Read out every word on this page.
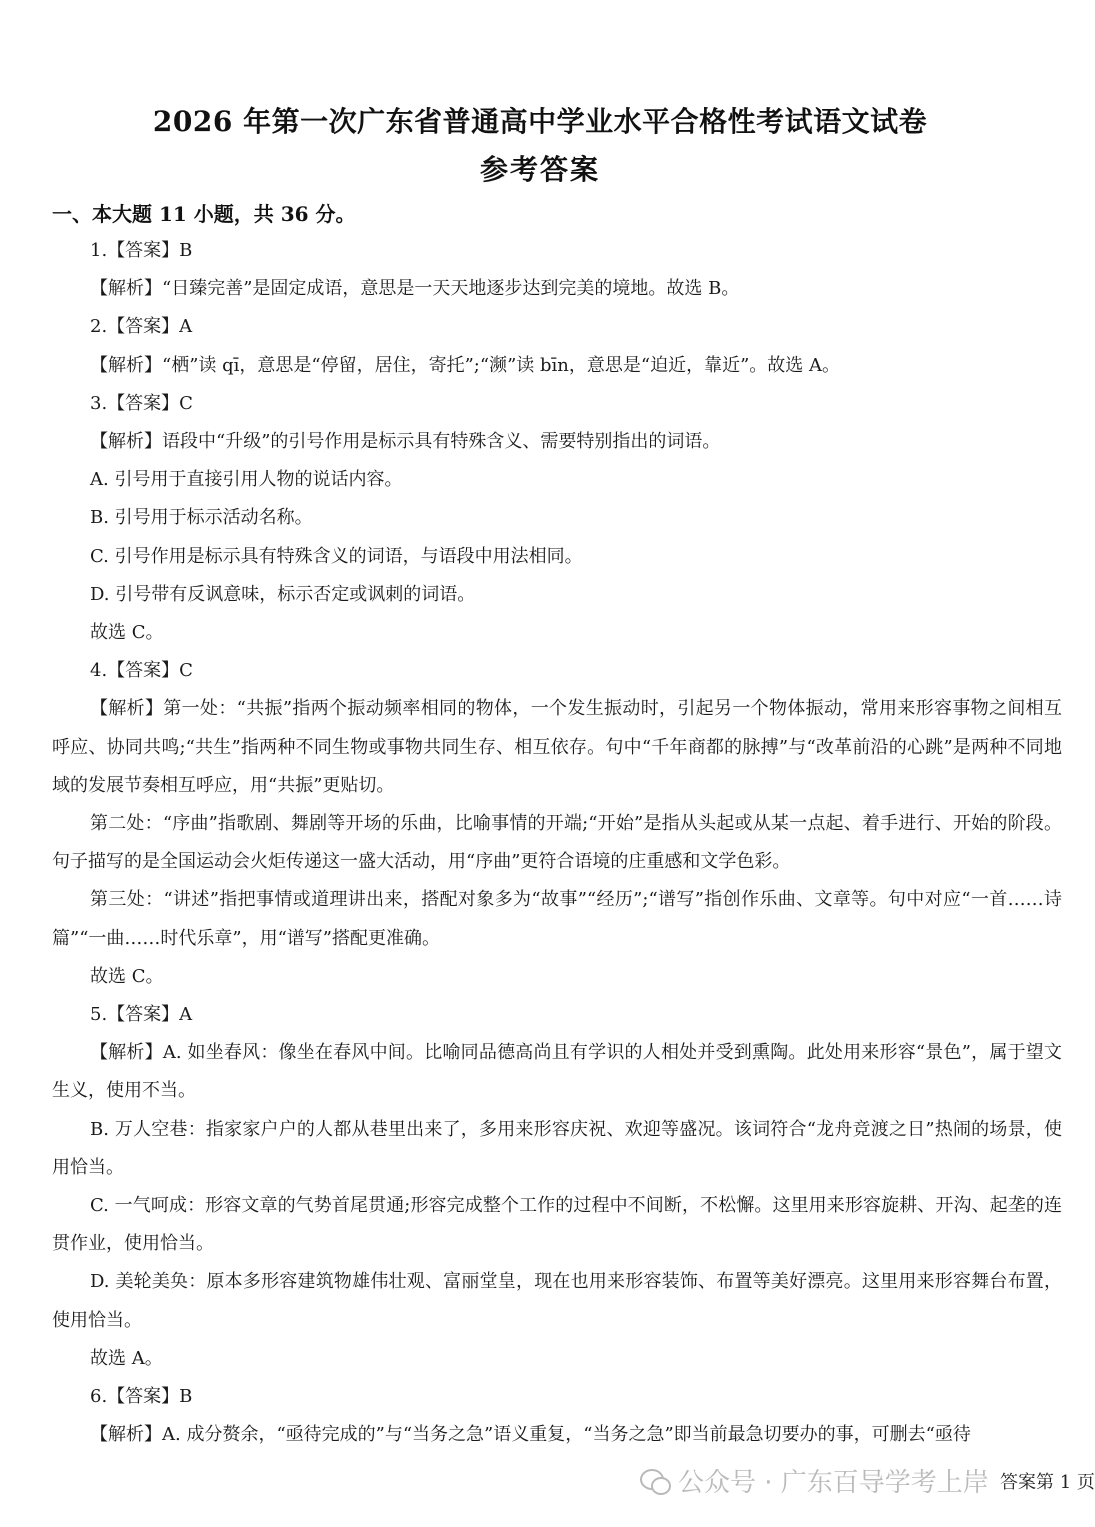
2026 年第一次广东省普通高中学业水平合格性考试语文试卷
参考答案
一、本大题 11 小题，共 36 分。

1.【答案】B

【解析】“日臻完善”是固定成语，意思是一天天地逐步达到完美的境地。故选 B。

2.【答案】A

【解析】“栖”读 qī，意思是“停留，居住，寄托”;“濒”读 bīn，意思是“迫近，靠近”。故选 A。

3.【答案】C

【解析】语段中“升级”的引号作用是标示具有特殊含义、需要特别指出的词语。

A. 引号用于直接引用人物的说话内容。

B. 引号用于标示活动名称。

C. 引号作用是标示具有特殊含义的词语，与语段中用法相同。

D. 引号带有反讽意味，标示否定或讽刺的词语。

故选 C。

4.【答案】C

【解析】第一处：“共振”指两个振动频率相同的物体，一个发生振动时，引起另一个物体振动，常用来形容事物之间相互呼应、协同共鸣;“共生”指两种不同生物或事物共同生存、相互依存。句中“千年商都的脉搏”与“改革前沿的心跳”是两种不同地域的发展节奏相互呼应，用“共振”更贴切。

第二处：“序曲”指歌剧、舞剧等开场的乐曲，比喻事情的开端;“开始”是指从头起或从某一点起、着手进行、开始的阶段。句子描写的是全国运动会火炬传递这一盛大活动，用“序曲”更符合语境的庄重感和文学色彩。

第三处：“讲述”指把事情或道理讲出来，搭配对象多为“故事”“经历”;“谱写”指创作乐曲、文章等。句中对应“一首……诗篇”“一曲……时代乐章”，用“谱写”搭配更准确。

故选 C。

5.【答案】A

【解析】A. 如坐春风：像坐在春风中间。比喻同品德高尚且有学识的人相处并受到熏陶。此处用来形容“景色”，属于望文生义，使用不当。

B. 万人空巷：指家家户户的人都从巷里出来了，多用来形容庆祝、欢迎等盛况。该词符合“龙舟竞渡之日”热闹的场景，使用恰当。

C. 一气呵成：形容文章的气势首尾贯通;形容完成整个工作的过程中不间断，不松懈。这里用来形容旋耕、开沟、起垄的连贯作业，使用恰当。

D. 美轮美奂：原本多形容建筑物雄伟壮观、富丽堂皇，现在也用来形容装饰、布置等美好漂亮。这里用来形容舞台布置，使用恰当。

故选 A。

6.【答案】B

【解析】A. 成分赘余，“亟待完成的”与“当务之急”语义重复，“当务之急”即当前最急切要办的事，可删去“亟待

公众号 · 广东百导学考上岸 答案第 1 页
